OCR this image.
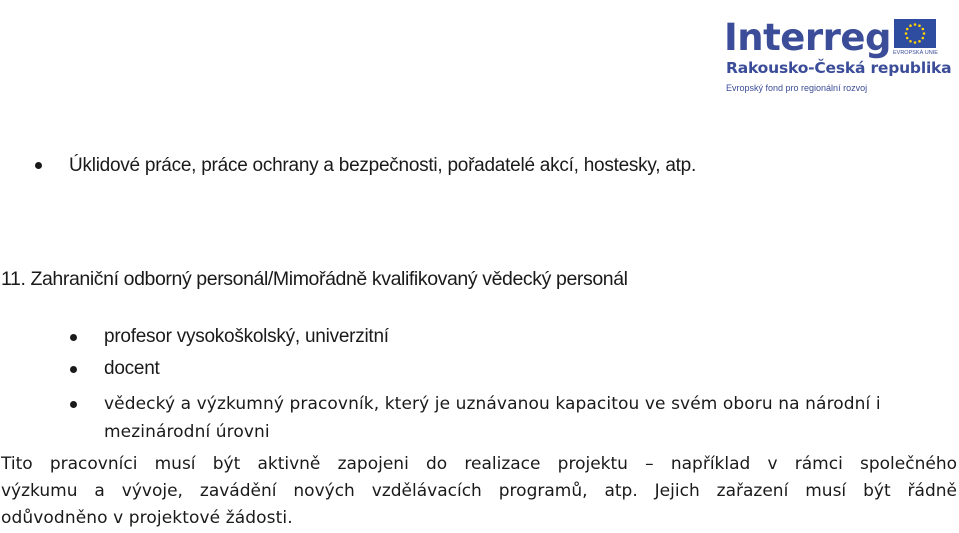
Interreg EVROPSKÁ UNIE
Rakousko-Česká republika
Evropský fond pro regionální rozvoj
Úklidové práce, práce ochrany a bezpečnosti, pořadatelé akcí, hostesky, atp.
11. Zahraniční odborný personál/Mimořádně kvalifikovaný vědecký personál
profesor vysokoškolský, univerzitní
docent
vědecký a výzkumný pracovník, který je uznávanou kapacitou ve svém oboru na národní i
mezinárodní úrovni
Tito pracovníci musí být aktivně zapojeni do realizace projektu – například v rámci společného
výzkumu a vývoje, zavádění nových vzdělávacích programů, atp. Jejich zařazení musí být řádně
odůvodněno v projektové žádosti.
